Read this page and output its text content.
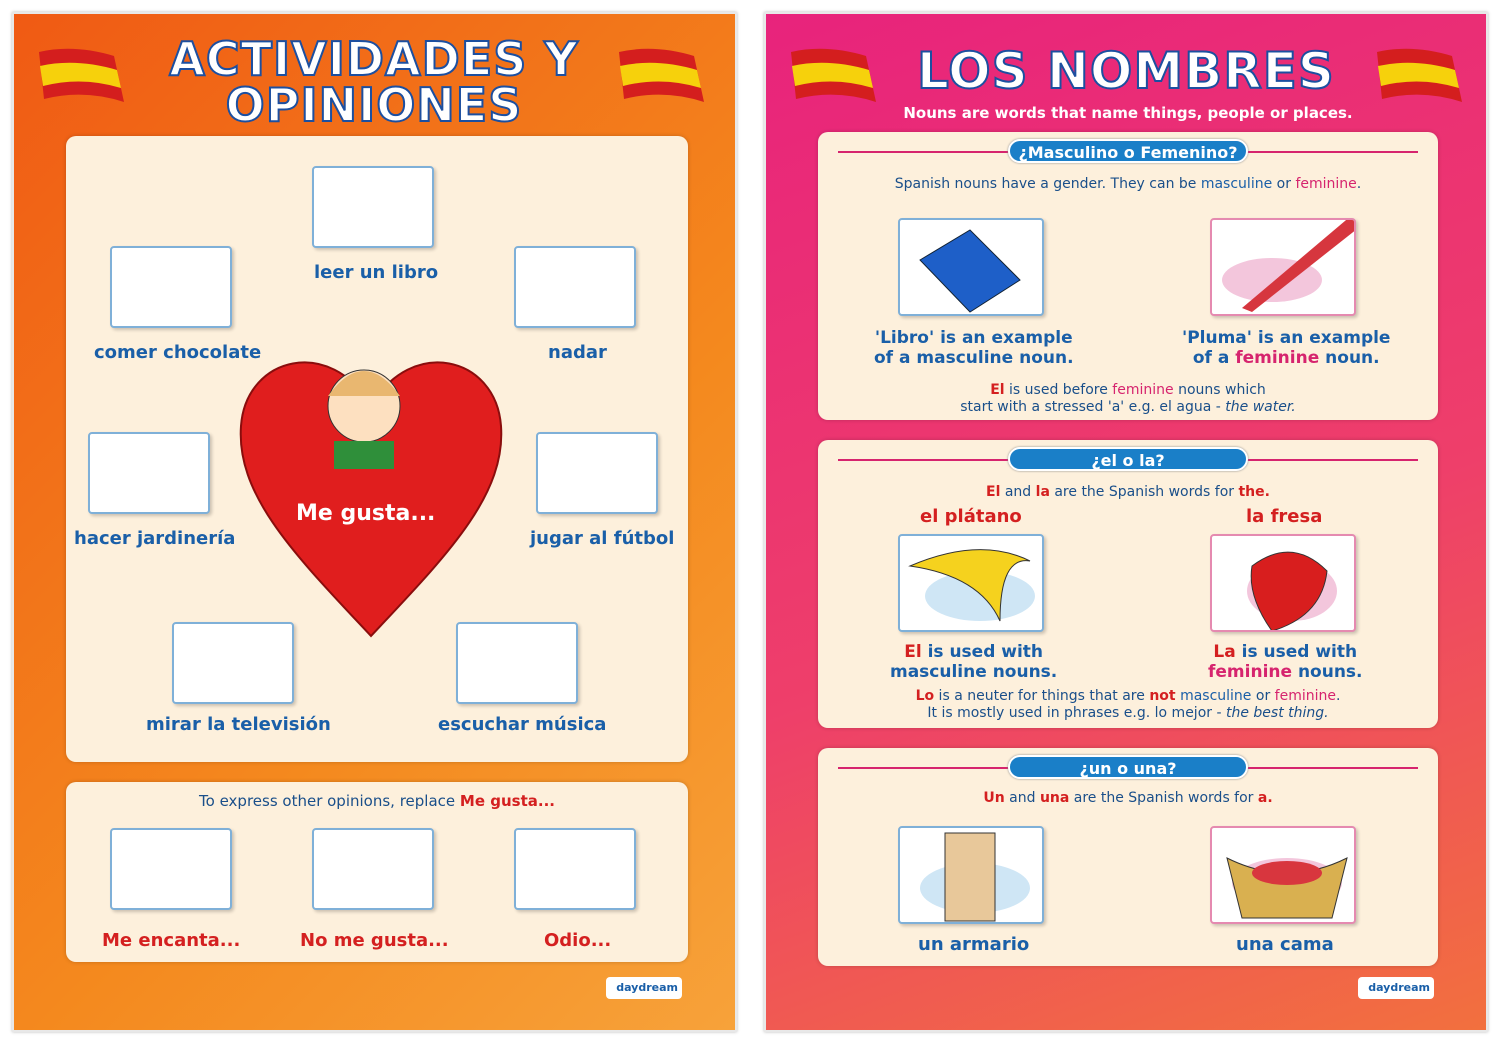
ACTIVIDADES Y
OPINIONES
Me gusta...
leer un libro
comer chocolate	nadar
hacer jardinería	jugar al fútbol
mirar la televisión	escuchar música
To express other opinions, replace Me gusta...
Me encanta...	No me gusta...	Odio...
daydream
LOS NOMBRES
Nouns are words that name things, people or places.
¿Masculino o Femenino?
Spanish nouns have a gender. They can be masculine or feminine.
'Libro' is an example
of a masculine noun.
'Pluma' is an example
of a feminine noun.
El is used before feminine nouns which
start with a stressed 'a' e.g. el agua - the water.
¿el o la?
El and la are the Spanish words for the.
el plátano	la fresa
El is used with
masculine nouns.
La is used with
feminine nouns.
Lo is a neuter for things that are not masculine or feminine.
It is mostly used in phrases e.g. lo mejor - the best thing.
¿un o una?
Un and una are the Spanish words for a.
un armario	una cama
daydream
